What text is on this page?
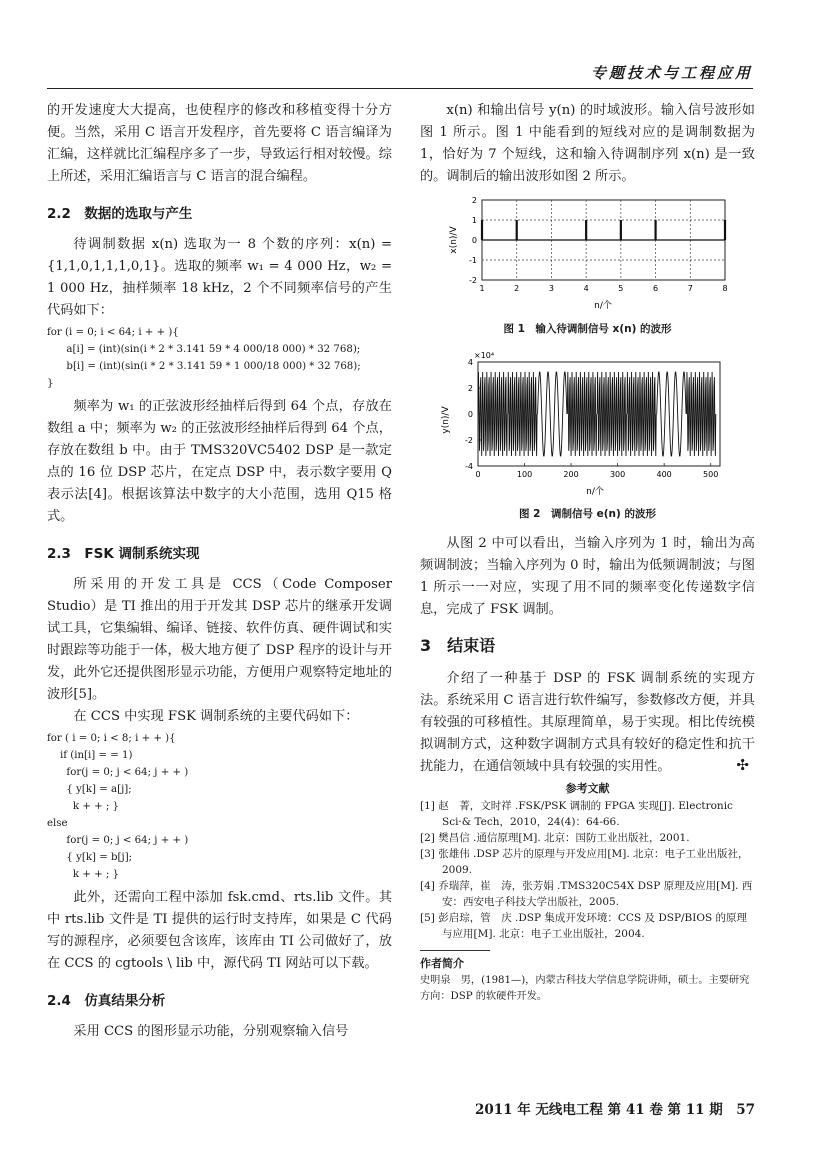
专题技术与工程应用

的开发速度大大提高，也使程序的修改和移植变得十分方便。当然，采用 C 语言开发程序，首先要将 C 语言编译为汇编，这样就比汇编程序多了一步，导致运行相对较慢。综上所述，采用汇编语言与 C 语言的混合编程。

2.2　数据的选取与产生

待调制数据 x(n) 选取为一 8 个数的序列：x(n) = {1,1,0,1,1,1,0,1}。选取的频率 w₁ = 4 000 Hz，w₂ = 1 000 Hz，抽样频率 18 kHz，2 个不同频率信号的产生代码如下：

for (i = 0; i < 64; i + + ){
a[i] = (int)(sin(i * 2 * 3.141 59 * 4 000/18 000) * 32 768);
b[i] = (int)(sin(i * 2 * 3.141 59 * 1 000/18 000) * 32 768);
}

频率为 w₁ 的正弦波形经抽样后得到 64 个点，存放在数组 a 中；频率为 w₂ 的正弦波形经抽样后得到 64 个点，存放在数组 b 中。由于 TMS320VC5402 DSP 是一款定点的 16 位 DSP 芯片，在定点 DSP 中，表示数字要用 Q 表示法[4]。根据该算法中数字的大小范围，选用 Q15 格式。

2.3　FSK 调制系统实现

所采用的开发工具是 CCS（Code Composer Studio）是 TI 推出的用于开发其 DSP 芯片的继承开发调试工具，它集编辑、编译、链接、软件仿真、硬件调试和实时跟踪等功能于一体，极大地方便了 DSP 程序的设计与开发，此外它还提供图形显示功能，方便用户观察特定地址的波形[5]。

在 CCS 中实现 FSK 调制系统的主要代码如下：

for ( i = 0; i < 8; i + + ){
if (in[i] = = 1)
for(j = 0; j < 64; j + + )
{ y[k] = a[j];
k + + ; }
else
for(j = 0; j < 64; j + + )
{ y[k] = b[j];
k + + ; }

此外，还需向工程中添加 fsk.cmd、rts.lib 文件。其中 rts.lib 文件是 TI 提供的运行时支持库，如果是 C 代码写的源程序，必须要包含该库，该库由 TI 公司做好了，放在 CCS 的 cgtools \ lib 中，源代码 TI 网站可以下载。

2.4　仿真结果分析

采用 CCS 的图形显示功能，分别观察输入信号

x(n) 和输出信号 y(n) 的时域波形。输入信号波形如图 1 所示。图 1 中能看到的短线对应的是调制数据为 1，恰好为 7 个短线，这和输入待调制序列 x(n) 是一致的。调制后的输出波形如图 2 所示。

x(n)/V
n/个
2
1
0
-1
-2
1	2	3	4	5	6	7	8
图 1　输入待调制信号 x(n) 的波形
×10⁴
y(n)/V
n/个
4
2
0
-2
-4
0	100	200	300	400	500
图 2　调制信号 e(n) 的波形

从图 2 中可以看出，当输入序列为 1 时，输出为高频调制波；当输入序列为 0 时，输出为低频调制波；与图 1 所示一一对应，实现了用不同的频率变化传递数字信息，完成了 FSK 调制。

3　结束语

介绍了一种基于 DSP 的 FSK 调制系统的实现方法。系统采用 C 语言进行软件编写，参数修改方便，并具有较强的可移植性。其原理简单，易于实现。相比传统模拟调制方式，这种数字调制方式具有较好的稳定性和抗干扰能力，在通信领域中具有较强的实用性。	✣
参考文献

[1] 赵　菁，文时祥 .FSK/PSK 调制的 FPGA 实现[J]. Electronic Sci·& Tech，2010，24(4)：64-66.

[2] 樊昌信 .通信原理[M]. 北京：国防工业出版社，2001.

[3] 张雄伟 .DSP 芯片的原理与开发应用[M]. 北京：电子工业出版社，2009.

[4] 乔瑞萍，崔　涛，张芳娟 .TMS320C54X DSP 原理及应用[M]. 西安：西安电子科技大学出版社，2005.

[5] 彭启琮，管　庆 .DSP 集成开发环境：CCS 及 DSP/BIOS 的原理与应用[M]. 北京：电子工业出版社，2004.

作者简介

史明泉　男，(1981—)，内蒙古科技大学信息学院讲师，硕士。主要研究方向：DSP 的软硬件开发。

2011 年 无线电工程 第 41 卷 第 11 期　57
